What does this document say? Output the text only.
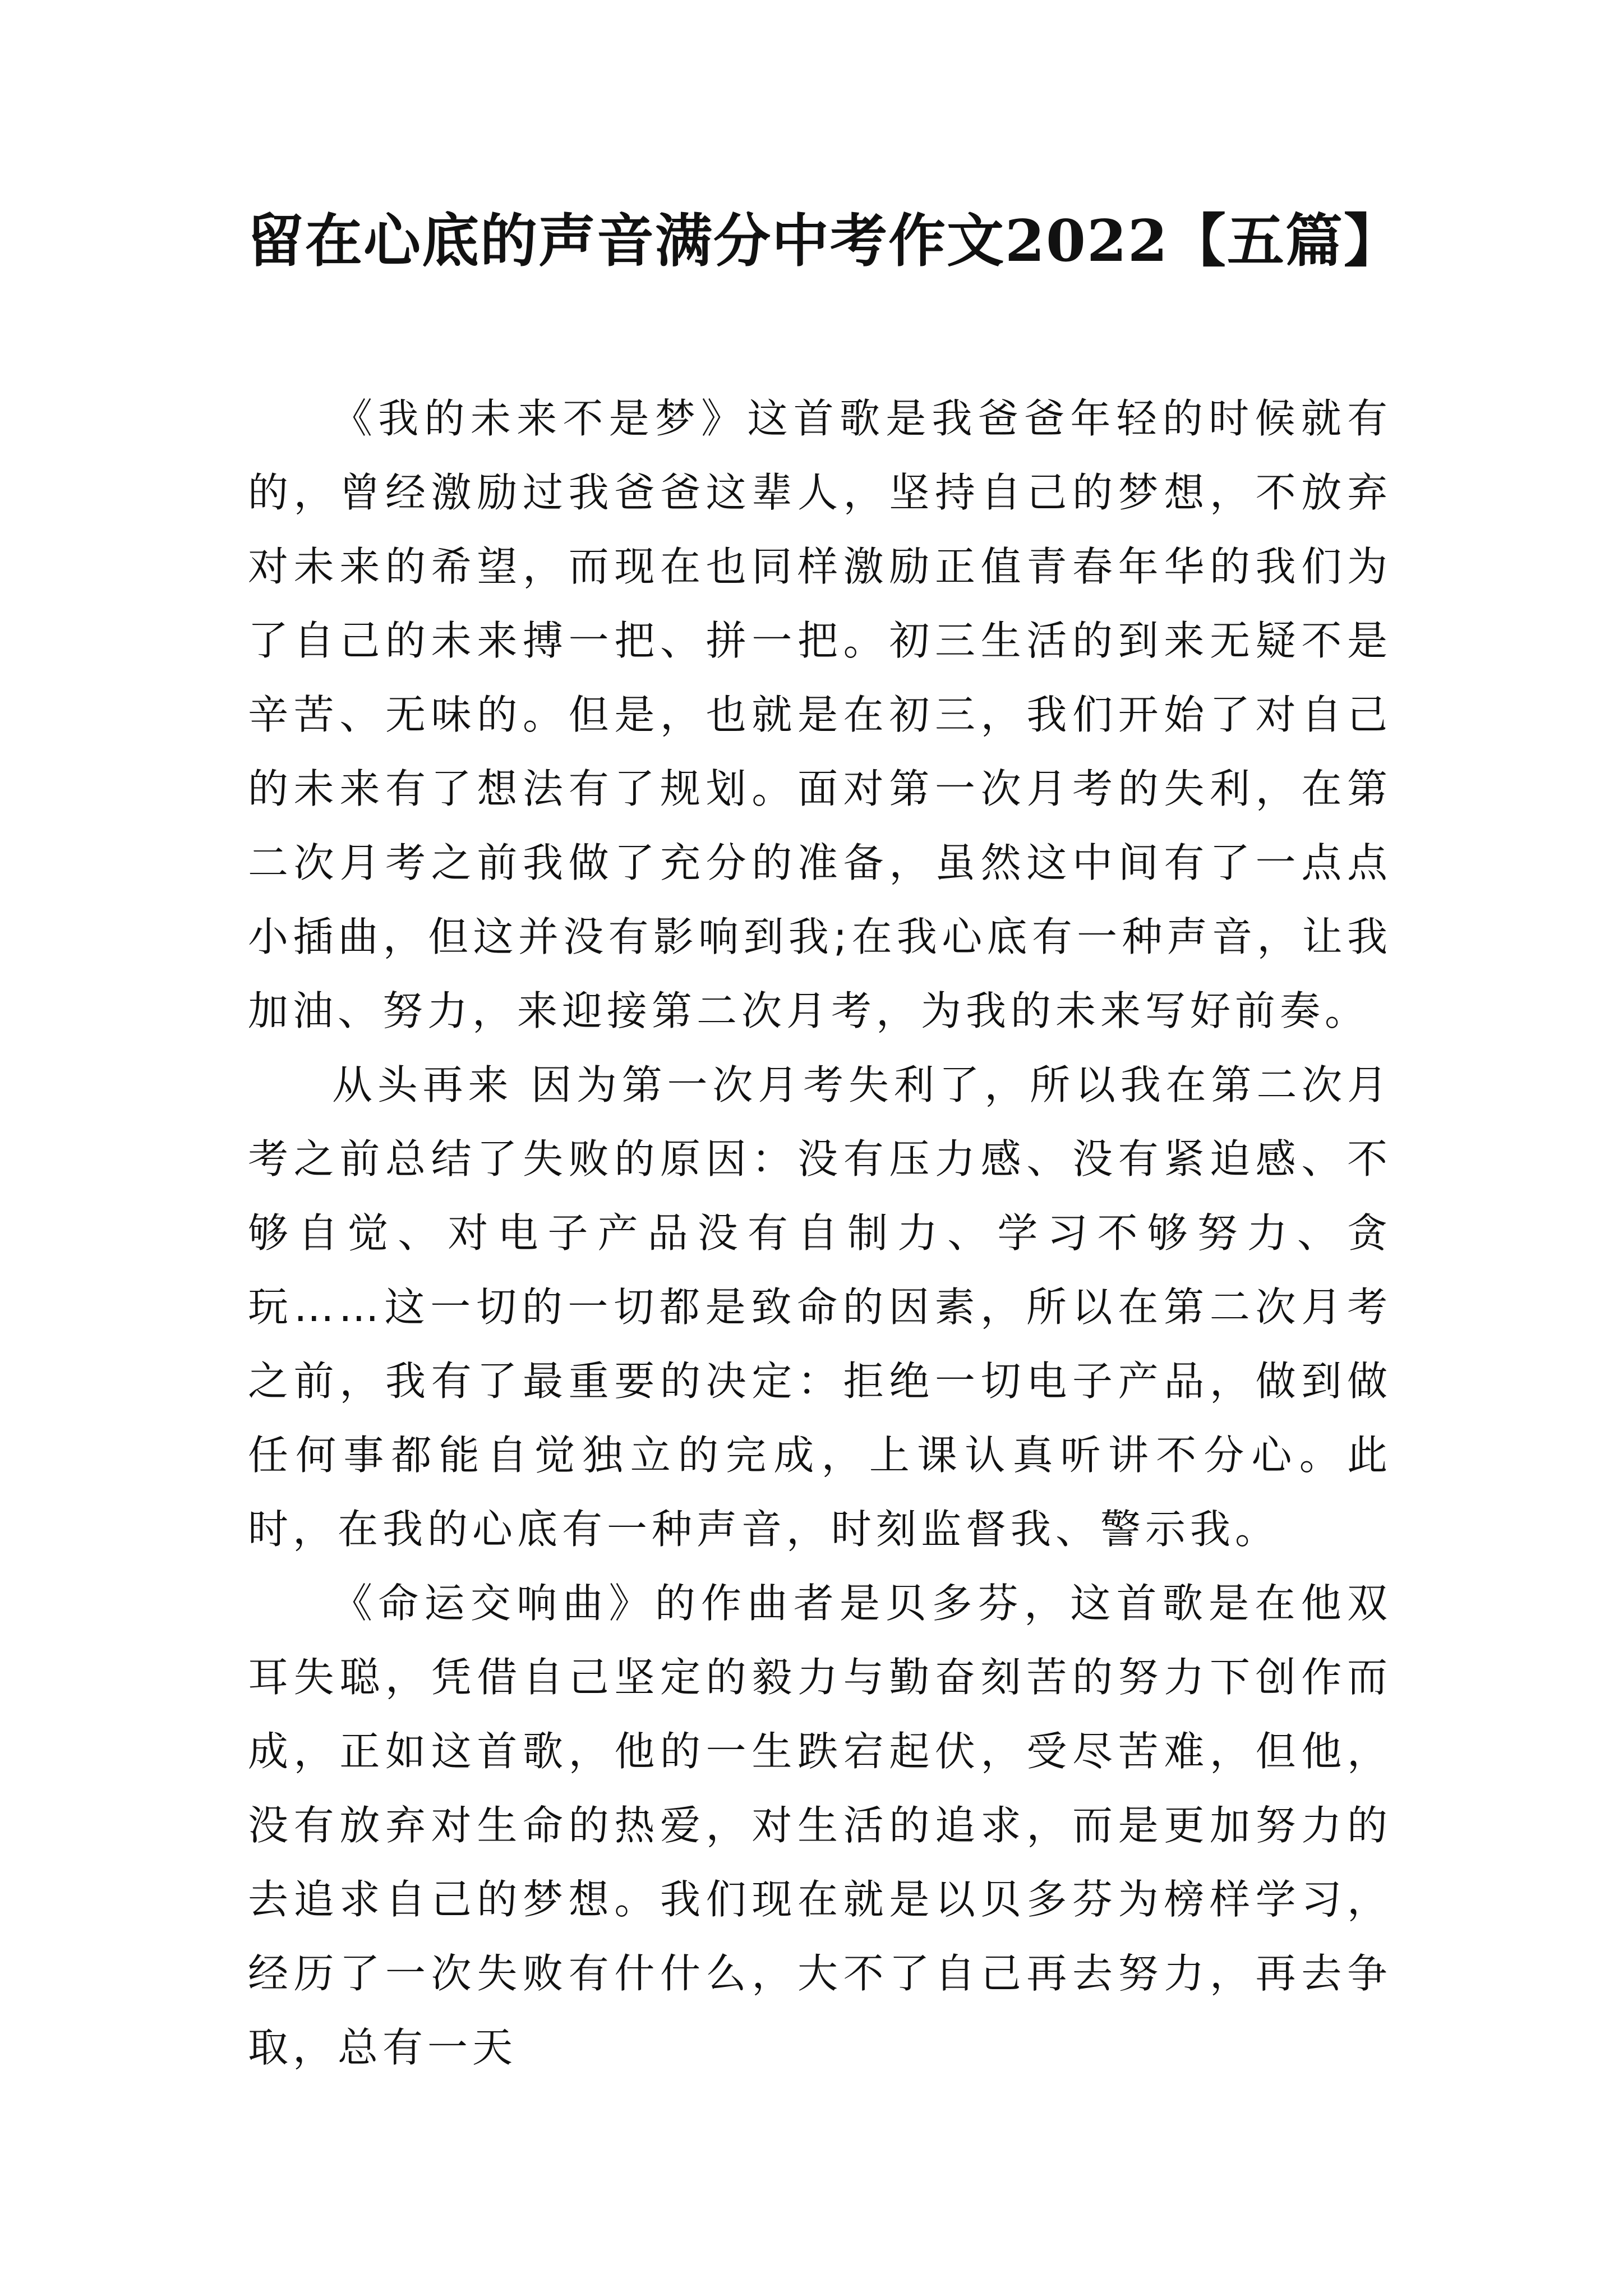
留在心底的声音满分中考作文2022【五篇】

《我的未来不是梦》这首歌是我爸爸年轻的时候就有的，曾经激励过我爸爸这辈人，坚持自己的梦想，不放弃对未来的希望，而现在也同样激励正值青春年华的我们为了自己的未来搏一把、拼一把。初三生活的到来无疑不是辛苦、无味的。但是，也就是在初三，我们开始了对自己的未来有了想法有了规划。面对第一次月考的失利，在第二次月考之前我做了充分的准备，虽然这中间有了一点点小插曲，但这并没有影响到我;在我心底有一种声音，让我加油、努力，来迎接第二次月考，为我的未来写好前奏。

从头再来 因为第一次月考失利了，所以我在第二次月考之前总结了失败的原因：没有压力感、没有紧迫感、不够自觉、对电子产品没有自制力、学习不够努力、贪玩……这一切的一切都是致命的因素，所以在第二次月考之前，我有了最重要的决定：拒绝一切电子产品，做到做任何事都能自觉独立的完成，上课认真听讲不分心。此时，在我的心底有一种声音，时刻监督我、警示我。

《命运交响曲》的作曲者是贝多芬，这首歌是在他双耳失聪，凭借自己坚定的毅力与勤奋刻苦的努力下创作而成，正如这首歌，他的一生跌宕起伏，受尽苦难，但他，没有放弃对生命的热爱，对生活的追求，而是更加努力的去追求自己的梦想。我们现在就是以贝多芬为榜样学习，经历了一次失败有什什么，大不了自己再去努力，再去争取，总有一天
